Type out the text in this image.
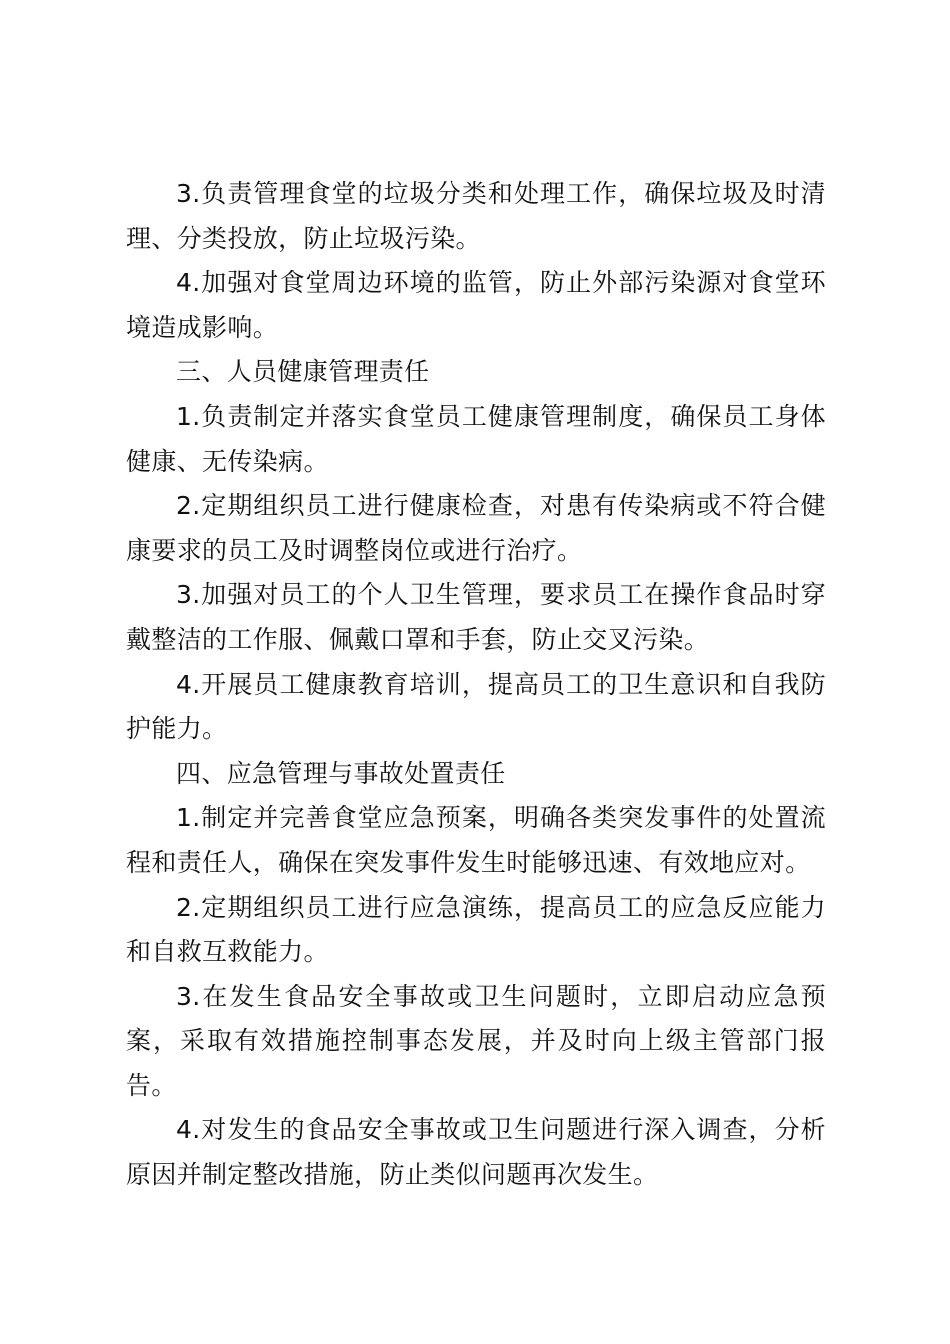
3.负责管理食堂的垃圾分类和处理工作，确保垃圾及时清理、分类投放，防止垃圾污染。

4.加强对食堂周边环境的监管，防止外部污染源对食堂环境造成影响。

三、人员健康管理责任

1.负责制定并落实食堂员工健康管理制度，确保员工身体健康、无传染病。

2.定期组织员工进行健康检查，对患有传染病或不符合健康要求的员工及时调整岗位或进行治疗。

3.加强对员工的个人卫生管理，要求员工在操作食品时穿戴整洁的工作服、佩戴口罩和手套，防止交叉污染。

4.开展员工健康教育培训，提高员工的卫生意识和自我防护能力。

四、应急管理与事故处置责任

1.制定并完善食堂应急预案，明确各类突发事件的处置流程和责任人，确保在突发事件发生时能够迅速、有效地应对。

2.定期组织员工进行应急演练，提高员工的应急反应能力和自救互救能力。

3.在发生食品安全事故或卫生问题时，立即启动应急预案，采取有效措施控制事态发展，并及时向上级主管部门报告。

4.对发生的食品安全事故或卫生问题进行深入调查，分析原因并制定整改措施，防止类似问题再次发生。
